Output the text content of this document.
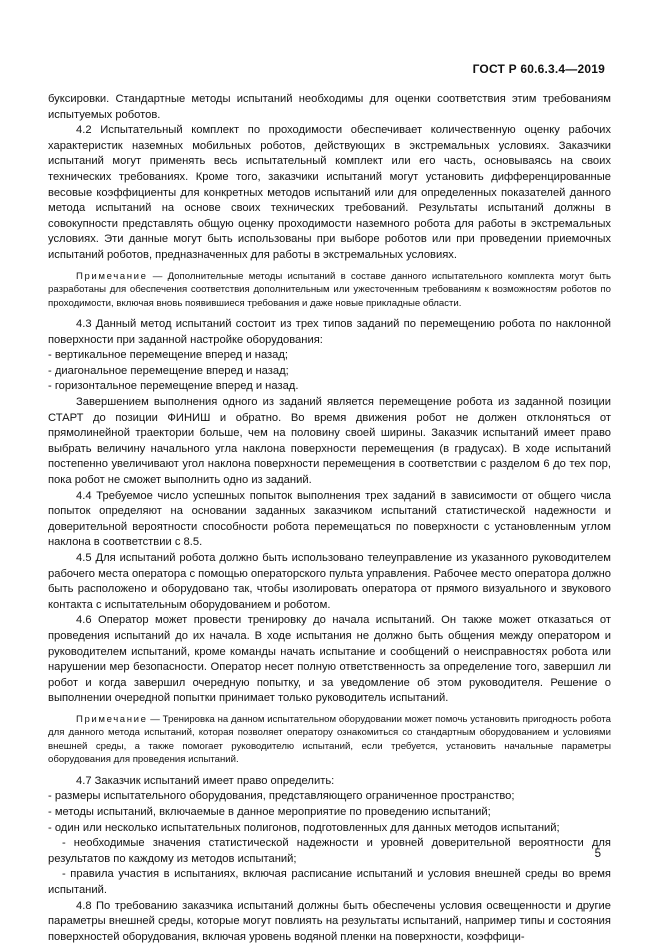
ГОСТ Р 60.6.3.4—2019

буксировки. Стандартные методы испытаний необходимы для оценки соответствия этим требованиям испытуемых роботов.

4.2 Испытательный комплект по проходимости обеспечивает количественную оценку рабочих характеристик наземных мобильных роботов, действующих в экстремальных условиях. Заказчики испытаний могут применять весь испытательный комплект или его часть, основываясь на своих технических требованиях. Кроме того, заказчики испытаний могут установить дифференцированные весовые коэффициенты для конкретных методов испытаний или для определенных показателей данного метода испытаний на основе своих технических требований. Результаты испытаний должны в совокупности представлять общую оценку проходимости наземного робота для работы в экстремальных условиях. Эти данные могут быть использованы при выборе роботов или при проведении приемочных испытаний роботов, предназначенных для работы в экстремальных условиях.

Примечание — Дополнительные методы испытаний в составе данного испытательного комплекта могут быть разработаны для обеспечения соответствия дополнительным или ужесточенным требованиям к возможностям роботов по проходимости, включая вновь появившиеся требования и даже новые прикладные области.

4.3 Данный метод испытаний состоит из трех типов заданий по перемещению робота по наклонной поверхности при заданной настройке оборудования:

- вертикальное перемещение вперед и назад;

- диагональное перемещение вперед и назад;

- горизонтальное перемещение вперед и назад.

Завершением выполнения одного из заданий является перемещение робота из заданной позиции СТАРТ до позиции ФИНИШ и обратно. Во время движения робот не должен отклоняться от прямолинейной траектории больше, чем на половину своей ширины. Заказчик испытаний имеет право выбрать величину начального угла наклона поверхности перемещения (в градусах). В ходе испытаний постепенно увеличивают угол наклона поверхности перемещения в соответствии с разделом 6 до тех пор, пока робот не сможет выполнить одно из заданий.

4.4 Требуемое число успешных попыток выполнения трех заданий в зависимости от общего числа попыток определяют на основании заданных заказчиком испытаний статистической надежности и доверительной вероятности способности робота перемещаться по поверхности с установленным углом наклона в соответствии с 8.5.

4.5 Для испытаний робота должно быть использовано телеуправление из указанного руководителем рабочего места оператора с помощью операторского пульта управления. Рабочее место оператора должно быть расположено и оборудовано так, чтобы изолировать оператора от прямого визуального и звукового контакта с испытательным оборудованием и роботом.

4.6 Оператор может провести тренировку до начала испытаний. Он также может отказаться от проведения испытаний до их начала. В ходе испытания не должно быть общения между оператором и руководителем испытаний, кроме команды начать испытание и сообщений о неисправностях робота или нарушении мер безопасности. Оператор несет полную ответственность за определение того, завершил ли робот и когда завершил очередную попытку, и за уведомление об этом руководителя. Решение о выполнении очередной попытки принимает только руководитель испытаний.

Примечание — Тренировка на данном испытательном оборудовании может помочь установить пригодность робота для данного метода испытаний, которая позволяет оператору ознакомиться со стандартным оборудованием и условиями внешней среды, а также помогает руководителю испытаний, если требуется, установить начальные параметры оборудования для проведения испытаний.

4.7 Заказчик испытаний имеет право определить:

- размеры испытательного оборудования, представляющего ограниченное пространство;

- методы испытаний, включаемые в данное мероприятие по проведению испытаний;

- один или несколько испытательных полигонов, подготовленных для данных методов испытаний;

- необходимые значения статистической надежности и уровней доверительной вероятности для результатов по каждому из методов испытаний;

- правила участия в испытаниях, включая расписание испытаний и условия внешней среды во время испытаний.

4.8 По требованию заказчика испытаний должны быть обеспечены условия освещенности и другие параметры внешней среды, которые могут повлиять на результаты испытаний, например типы и состояния поверхностей оборудования, включая уровень водяной пленки на поверхности, коэффици-

5
